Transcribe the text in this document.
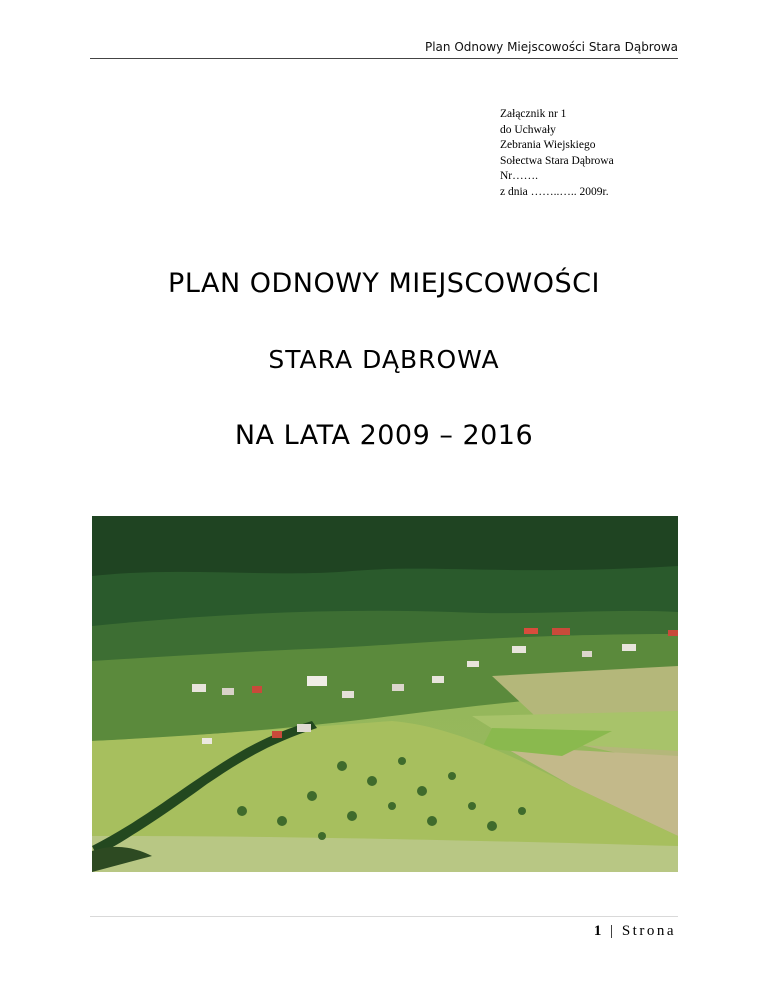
Plan Odnowy Miejscowości Stara Dąbrowa
Załącznik nr 1
do Uchwały
Zebrania Wiejskiego
Sołectwa Stara Dąbrowa
Nr…….
z dnia ……..….. 2009r.
PLAN ODNOWY MIEJSCOWOŚCI
STARA DĄBROWA
NA LATA 2009 – 2016
1 | Strona
